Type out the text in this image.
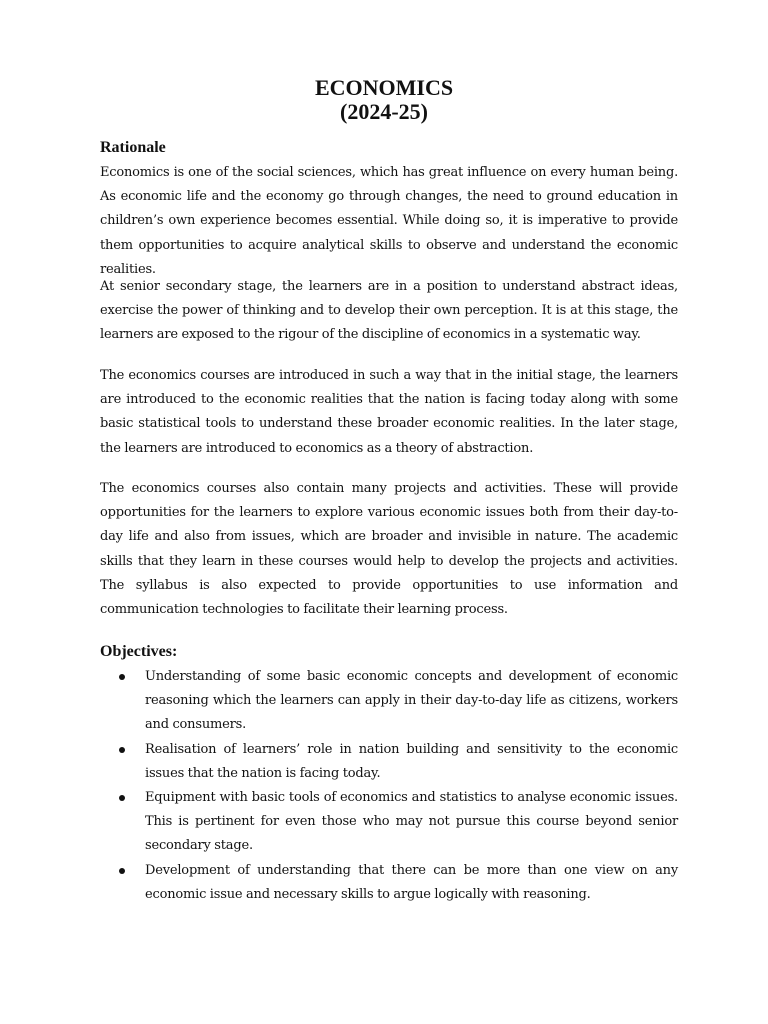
ECONOMICS
(2024-25)
Rationale

Economics is one of the social sciences, which has great influence on every human being. As economic life and the economy go through changes, the need to ground education in children’s own experience becomes essential. While doing so, it is imperative to provide them opportunities to acquire analytical skills to observe and understand the economic realities.

At senior secondary stage, the learners are in a position to understand abstract ideas, exercise the power of thinking and to develop their own perception. It is at this stage, the learners are exposed to the rigour of the discipline of economics in a systematic way.

The economics courses are introduced in such a way that in the initial stage, the learners are introduced to the economic realities that the nation is facing today along with some basic statistical tools to understand these broader economic realities. In the later stage, the learners are introduced to economics as a theory of abstraction.

The economics courses also contain many projects and activities. These will provide opportunities for the learners to explore various economic issues both from their day-to-day life and also from issues, which are broader and invisible in nature. The academic skills that they learn in these courses would help to develop the projects and activities. The syllabus is also expected to provide opportunities to use information and communication technologies to facilitate their learning process.

Objectives:
Understanding of some basic economic concepts and development of economic reasoning which the learners can apply in their day-to-day life as citizens, workers and consumers.
Realisation of learners’ role in nation building and sensitivity to the economic issues that the nation is facing today.
Equipment with basic tools of economics and statistics to analyse economic issues. This is pertinent for even those who may not pursue this course beyond senior secondary stage.
Development of understanding that there can be more than one view on any economic issue and necessary skills to argue logically with reasoning.
